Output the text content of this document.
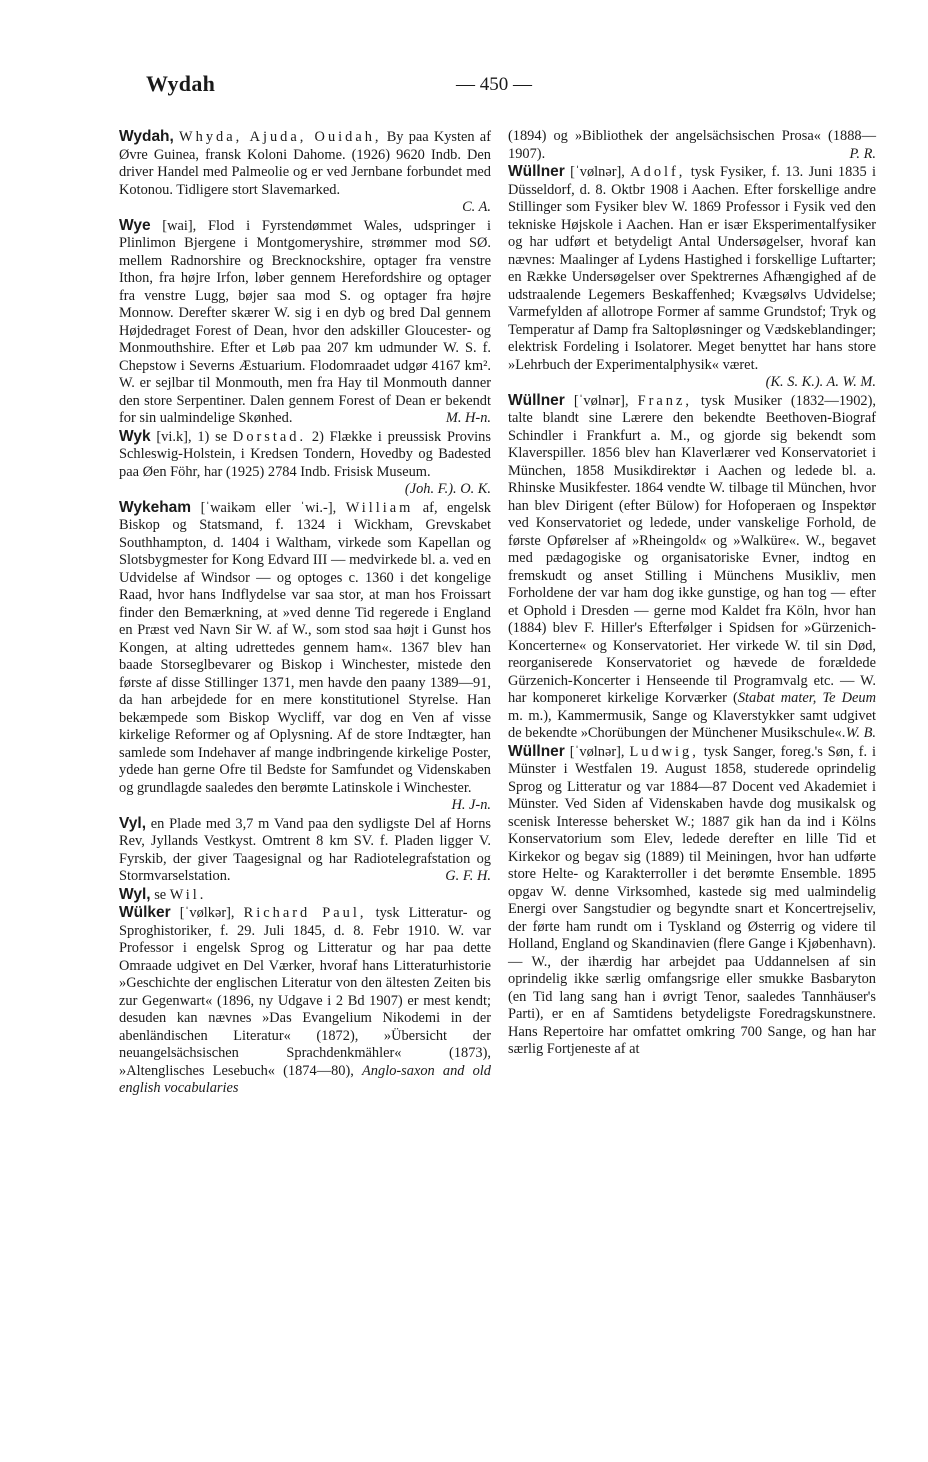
Wydah	— 450 —

Wydah, Whyda, Ajuda, Ouidah, By paa Kysten af Øvre Guinea, fransk Koloni Dahome. (1926) 9620 Indb. Den driver Handel med Palmeolie og er ved Jernbane forbundet med Kotonou. Tidligere stort Slavemarked.
C. A.

Wye [wai], Flod i Fyrstendømmet Wales, udspringer i Plinlimon Bjergene i Montgomeryshire, strømmer mod SØ. mellem Radnorshire og Brecknockshire, optager fra venstre Ithon, fra højre Irfon, løber gennem Herefordshire og optager fra venstre Lugg, bøjer saa mod S. og optager fra højre Monnow. Derefter skærer W. sig i en dyb og bred Dal gennem Højdedraget Forest of Dean, hvor den adskiller Gloucester- og Monmouthshire. Efter et Løb paa 207 km udmunder W. S. f. Chepstow i Severns Æstuarium. Flodomraadet udgør 4167 km². W. er sejlbar til Monmouth, men fra Hay til Monmouth danner den store Serpentiner. Dalen gennem Forest of Dean er bekendt for sin ualmindelige Skønhed.	M. H-n.

Wyk [vi.k], 1) se Dorstad. 2) Flække i preussisk Provins Schleswig-Holstein, i Kredsen Tondern, Hovedby og Badested paa Øen Föhr, har (1925) 2784 Indb. Frisisk Museum.
(Joh. F.). O. K.

Wykeham [ˈwaikəm eller ˈwi.-], William af, engelsk Biskop og Statsmand, f. 1324 i Wickham, Grevskabet Southhampton, d. 1404 i Waltham, virkede som Kapellan og Slotsbygmester for Kong Edvard III — medvirkede bl. a. ved en Udvidelse af Windsor — og optoges c. 1360 i det kongelige Raad, hvor hans Indflydelse var saa stor, at man hos Froissart finder den Bemærkning, at »ved denne Tid regerede i England en Præst ved Navn Sir W. af W., som stod saa højt i Gunst hos Kongen, at alting udrettedes gennem ham«. 1367 blev han baade Storseglbevarer og Biskop i Winchester, mistede den første af disse Stillinger 1371, men havde den paany 1389—91, da han arbejdede for en mere konstitutionel Styrelse. Han bekæmpede som Biskop Wycliff, var dog en Ven af visse kirkelige Reformer og af Oplysning. Af de store Indtægter, han samlede som Indehaver af mange indbringende kirkelige Poster, ydede han gerne Ofre til Bedste for Samfundet og Videnskaben og grundlagde saaledes den berømte Latinskole i Winchester.
H. J-n.

Vyl, en Plade med 3,7 m Vand paa den sydligste Del af Horns Rev, Jyllands Vestkyst. Omtrent 8 km SV. f. Pladen ligger V. Fyrskib, der giver Taagesignal og har Radiotelegrafstation og Stormvarselstation.	G. F. H.

Wyl, se Wil.

Wülker [ˈvølkər], Richard Paul, tysk Litteratur- og Sproghistoriker, f. 29. Juli 1845, d. 8. Febr 1910. W. var Professor i engelsk Sprog og Litteratur og har paa dette Omraade udgivet en Del Værker, hvoraf hans Litteraturhistorie »Geschichte der englischen Literatur von den ältesten Zeiten bis zur Gegenwart« (1896, ny Udgave i 2 Bd 1907) er mest kendt; desuden kan nævnes »Das Evangelium Nikodemi in der abenländischen Literatur« (1872), »Übersicht der neuangelsächsischen Sprachdenkmähler« (1873), »Altenglisches Lesebuch« (1874—80), Anglo-saxon and old english vocabularies

(1894) og »Bibliothek der angelsächsischen Prosa« (1888—1907).	P. R.

Wüllner [ˈvølnər], Adolf, tysk Fysiker, f. 13. Juni 1835 i Düsseldorf, d. 8. Oktbr 1908 i Aachen. Efter forskellige andre Stillinger som Fysiker blev W. 1869 Professor i Fysik ved den tekniske Højskole i Aachen. Han er især Eksperimentalfysiker og har udført et betydeligt Antal Undersøgelser, hvoraf kan nævnes: Maalinger af Lydens Hastighed i forskellige Luftarter; en Række Undersøgelser over Spektrernes Afhængighed af de udstraalende Legemers Beskaffenhed; Kvægsølvs Udvidelse; Varmefylden af allotrope Former af samme Grundstof; Tryk og Temperatur af Damp fra Saltopløsninger og Vædskeblandinger; elektrisk Fordeling i Isolatorer. Meget benyttet har hans store »Lehrbuch der Experimentalphysik« været.
(K. S. K.). A. W. M.

Wüllner [ˈvølnər], Franz, tysk Musiker (1832—1902), talte blandt sine Lærere den bekendte Beethoven-Biograf Schindler i Frankfurt a. M., og gjorde sig bekendt som Klaverspiller. 1856 blev han Klaverlærer ved Konservatoriet i München, 1858 Musikdirektør i Aachen og ledede bl. a. Rhinske Musikfester. 1864 vendte W. tilbage til München, hvor han blev Dirigent (efter Bülow) for Hofoperaen og Inspektør ved Konservatoriet og ledede, under vanskelige Forhold, de første Opførelser af »Rheingold« og »Walküre«. W., begavet med pædagogiske og organisatoriske Evner, indtog en fremskudt og anset Stilling i Münchens Musikliv, men Forholdene der var ham dog ikke gunstige, og han tog — efter et Ophold i Dresden — gerne mod Kaldet fra Köln, hvor han (1884) blev F. Hiller's Efterfølger i Spidsen for »Gürzenich-Koncerterne« og Konservatoriet. Her virkede W. til sin Død, reorganiserede Konservatoriet og hævede de forældede Gürzenich-Koncerter i Henseende til Programvalg etc. — W. har komponeret kirkelige Korværker (Stabat mater, Te Deum m. m.), Kammermusik, Sange og Klaverstykker samt udgivet de bekendte »Chorübungen der Münchener Musikschule«. W. B.

Wüllner [ˈvølnər], Ludwig, tysk Sanger, foreg.'s Søn, f. i Münster i Westfalen 19. August 1858, studerede oprindelig Sprog og Litteratur og var 1884—87 Docent ved Akademiet i Münster. Ved Siden af Videnskaben havde dog musikalsk og scenisk Interesse behersket W.; 1887 gik han da ind i Kölns Konservatorium som Elev, ledede derefter en lille Tid et Kirkekor og begav sig (1889) til Meiningen, hvor han udførte store Helte- og Karakterroller i det berømte Ensemble. 1895 opgav W. denne Virksomhed, kastede sig med ualmindelig Energi over Sangstudier og begyndte snart et Koncertrejseliv, der førte ham rundt om i Tyskland og Østerrig og videre til Holland, England og Skandinavien (flere Gange i Kjøbenhavn). — W., der ihærdig har arbejdet paa Uddannelsen af sin oprindelig ikke særlig omfangsrige eller smukke Basbaryton (en Tid lang sang han i øvrigt Tenor, saaledes Tannhäuser's Parti), er en af Samtidens betydeligste Foredragskunstnere. Hans Repertoire har omfattet omkring 700 Sange, og han har særlig Fortjeneste af at
